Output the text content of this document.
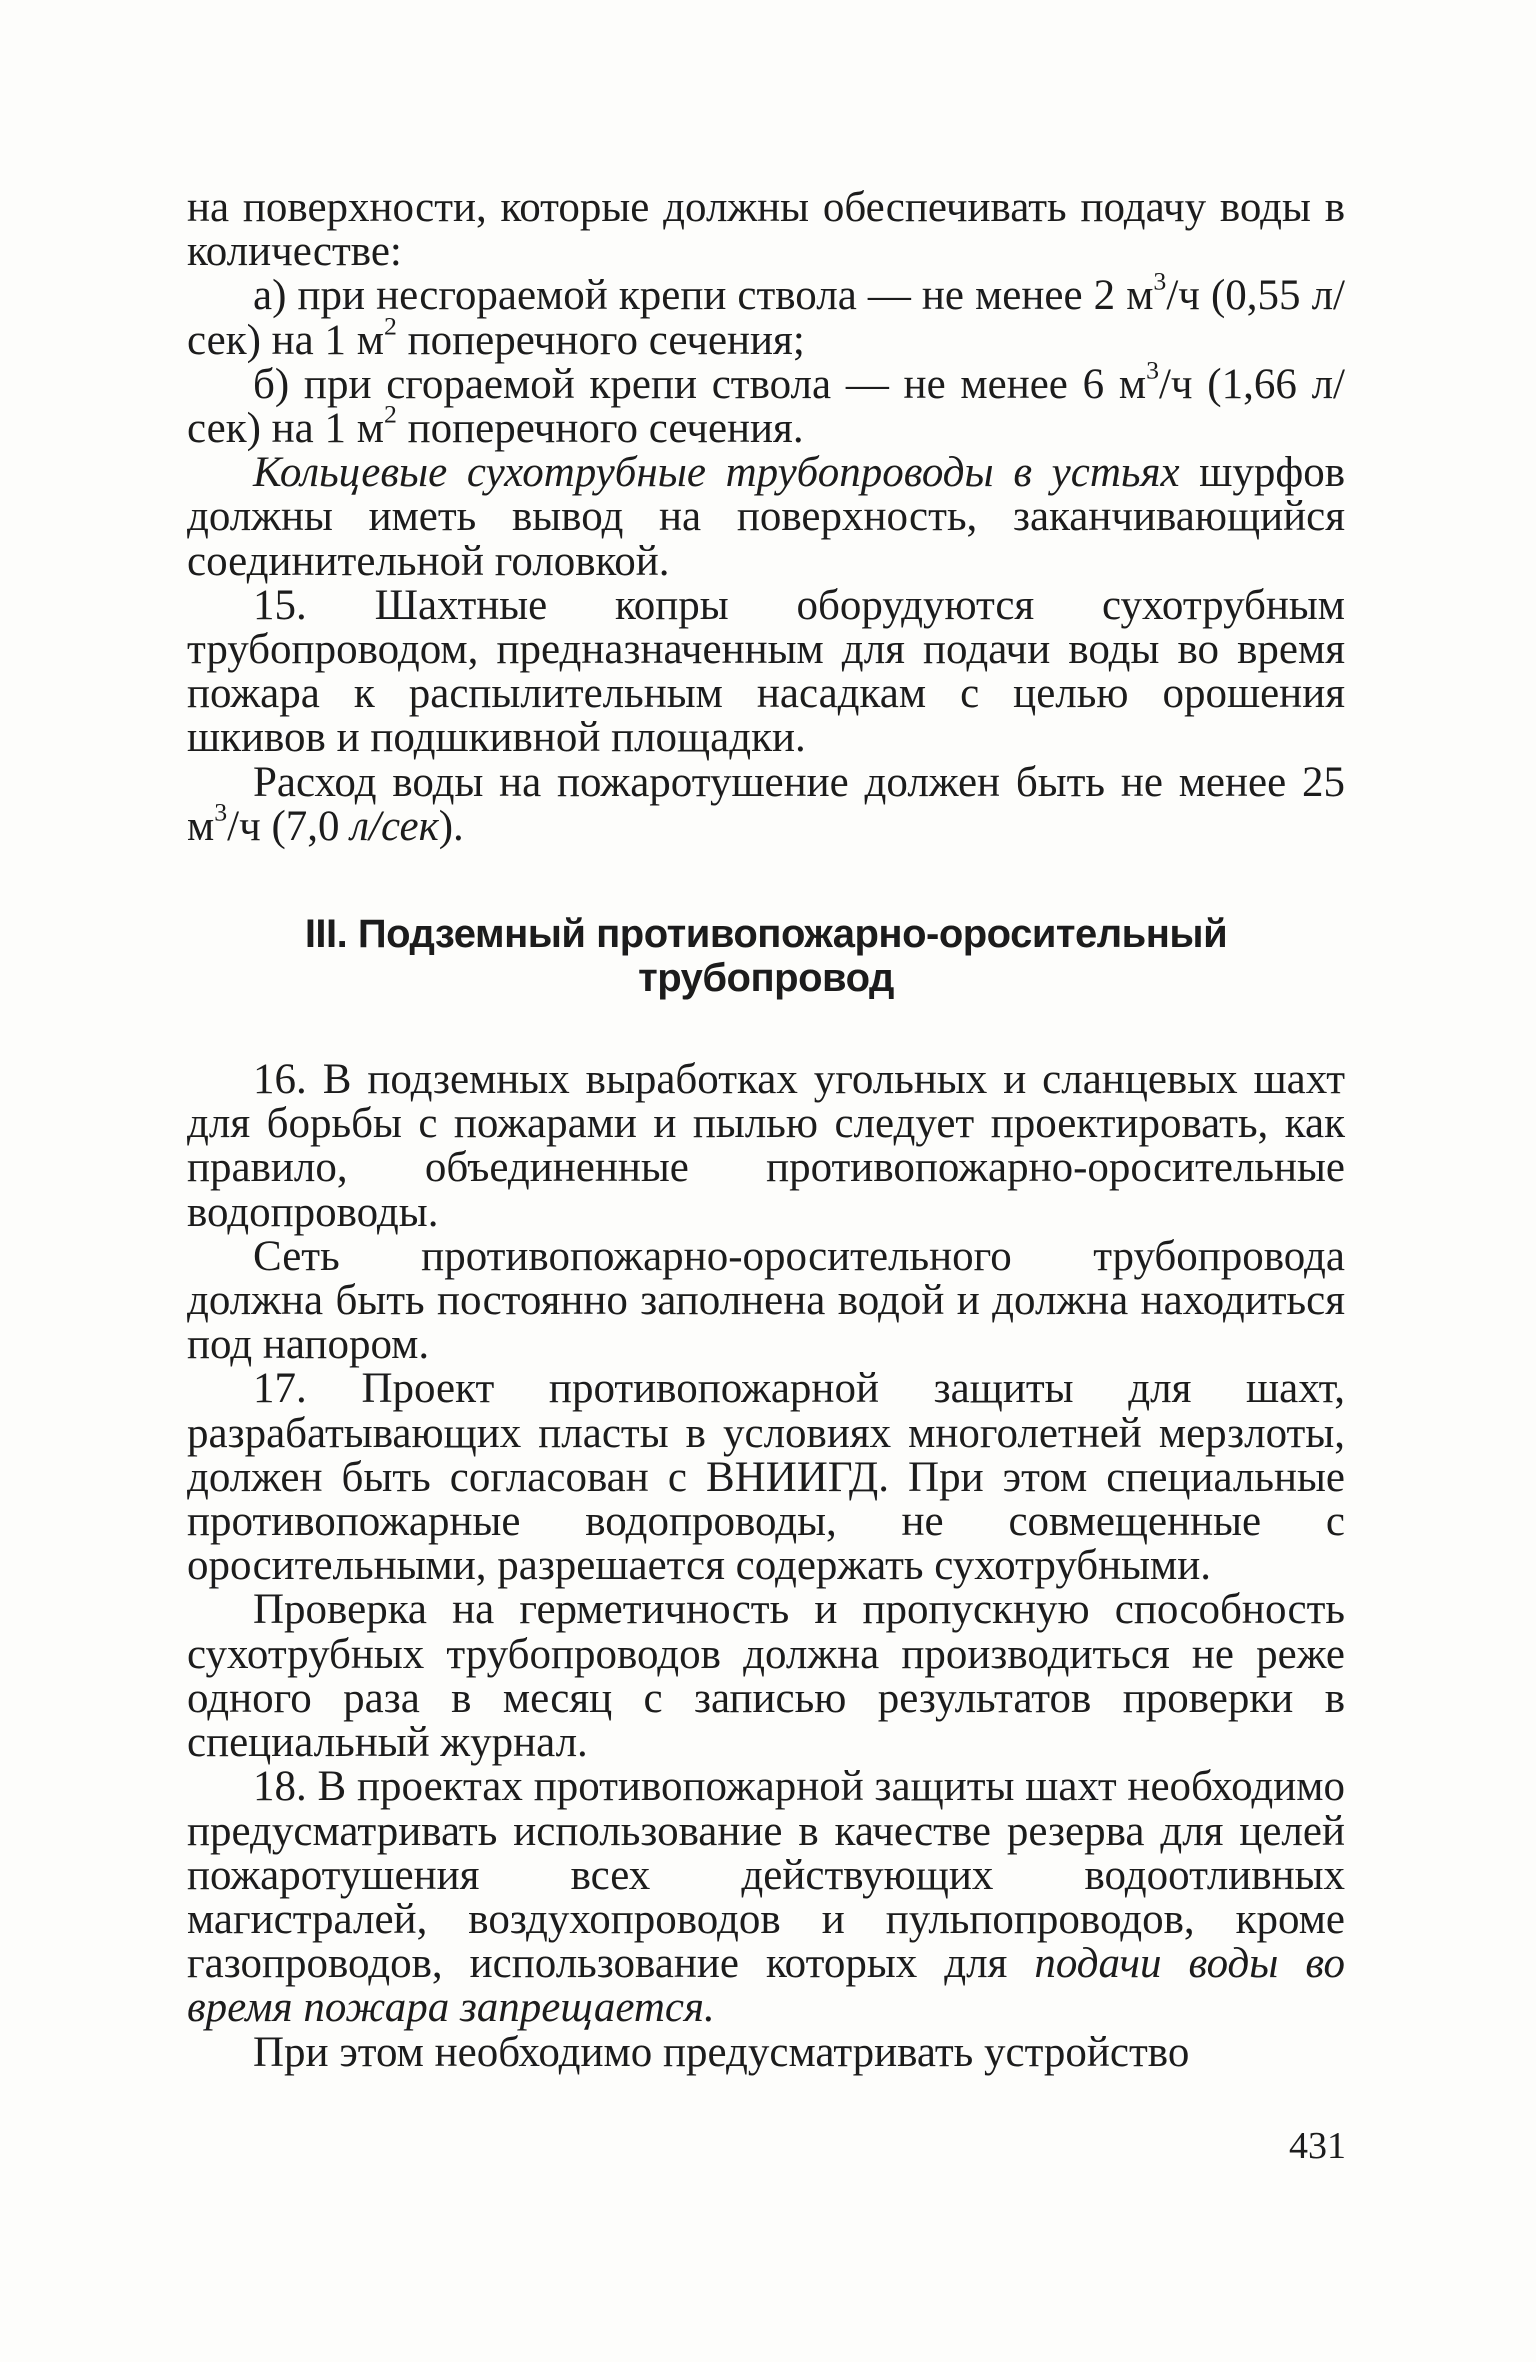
на поверхности, которые должны обеспечивать подачу воды в количестве:

а) при несгораемой крепи ствола — не менее 2 $м^3/ч$ (0,55 л/сек) на 1 $м^2$ поперечного сечения;

б) при сгораемой крепи ствола — не менее 6 $м^3/ч$ (1,66 л/сек) на 1 $м^2$ поперечного сечения.

Кольцевые сухотрубные трубопроводы в устьях шурфов должны иметь вывод на поверхность, заканчивающийся соединительной головкой.

15. Шахтные копры оборудуются сухотрубным трубопроводом, предназначенным для подачи воды во время пожара к распылительным насадкам с целью орошения шкивов и подшкивной площадки.

Расход воды на пожаротушение должен быть не менее 25 $м^3/ч$ (7,0 л/сек).

III. Подземный противопожарно-оросительный
трубопровод

16. В подземных выработках угольных и сланцевых шахт для борьбы с пожарами и пылью следует проектировать, как правило, объединенные противопожарно-оросительные водопроводы.

Сеть противопожарно-оросительного трубопровода должна быть постоянно заполнена водой и должна находиться под напором.

17. Проект противопожарной защиты для шахт, разрабатывающих пласты в условиях многолетней мерзлоты, должен быть согласован с ВНИИГД. При этом специальные противопожарные водопроводы, не совмещенные с оросительными, разрешается содержать сухотрубными.

Проверка на герметичность и пропускную способность сухотрубных трубопроводов должна производиться не реже одного раза в месяц с записью результатов проверки в специальный журнал.

18. В проектах противопожарной защиты шахт необходимо предусматривать использование в качестве резерва для целей пожаротушения всех действующих водоотливных магистралей, воздухопроводов и пульпопроводов, кроме газопроводов, использование которых для подачи воды во время пожара запрещается.

При этом необходимо предусматривать устройство

431
